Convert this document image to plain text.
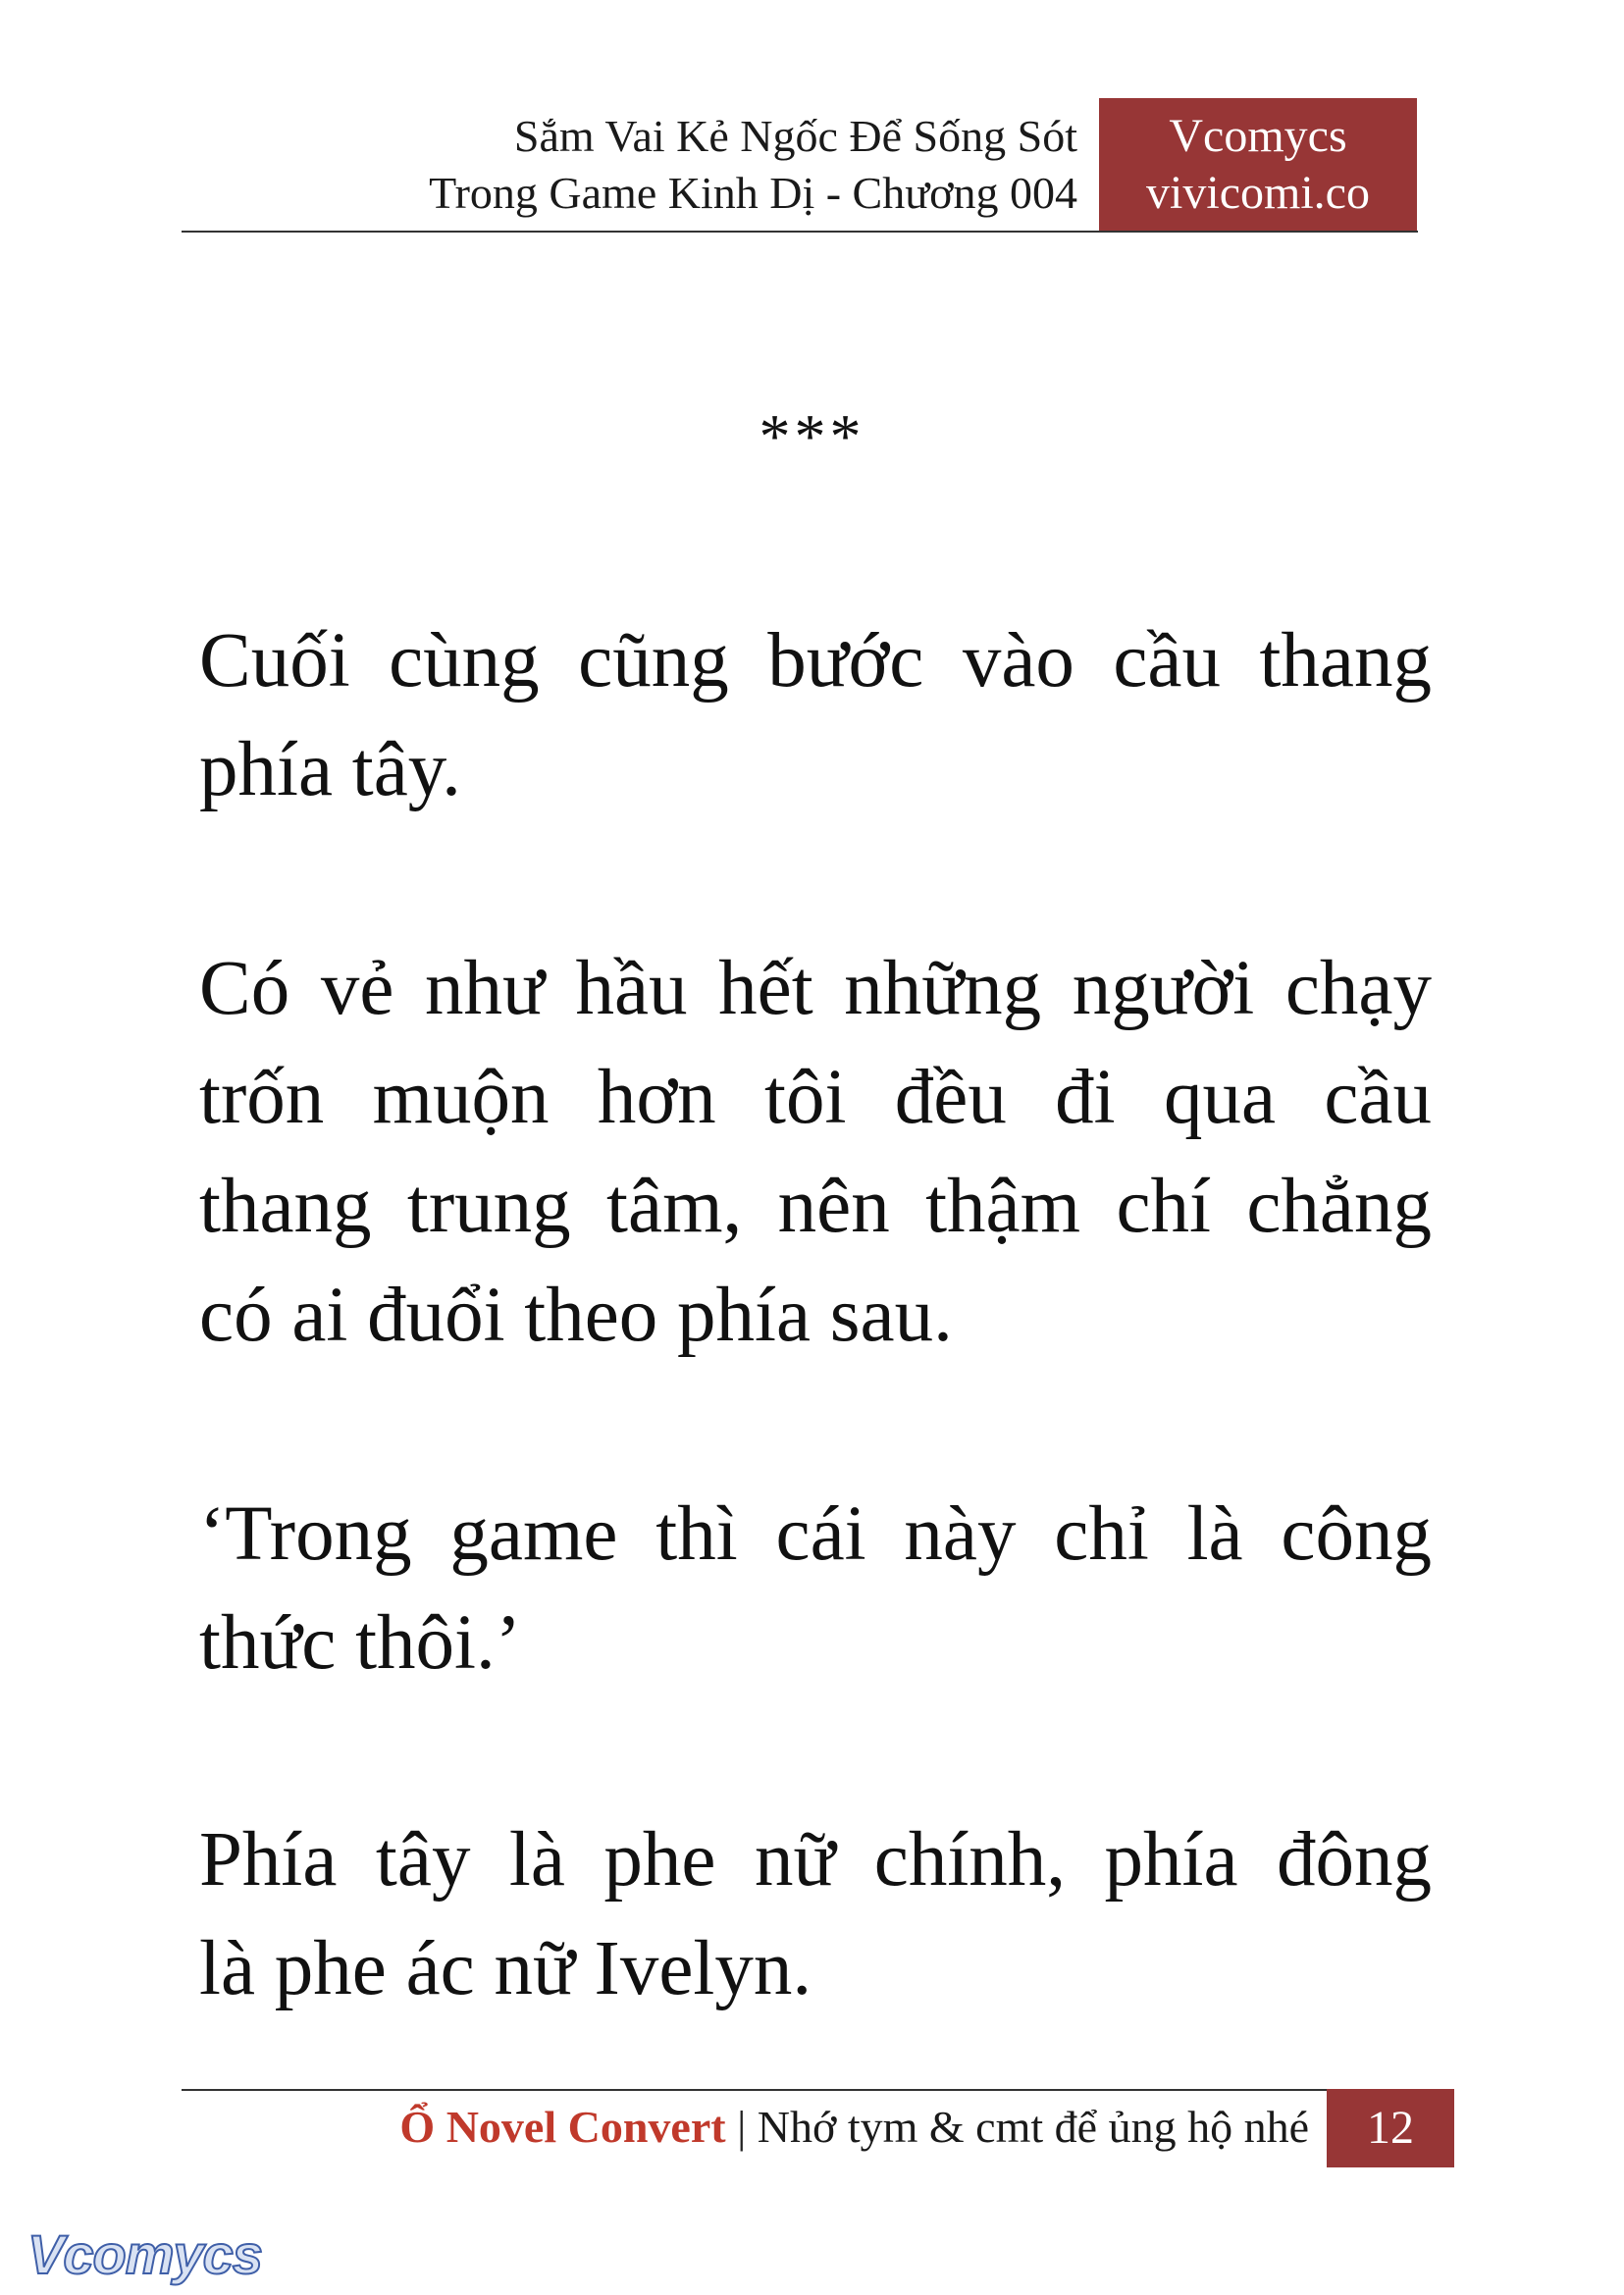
Sắm Vai Kẻ Ngốc Để Sống Sót
Trong Game Kinh Dị - Chương 004
Vcomycs
vivicomi.co
***
Cuối cùng cũng bước vào cầu thang
phía tây.
Có vẻ như hầu hết những người chạy
trốn muộn hơn tôi đều đi qua cầu
thang trung tâm, nên thậm chí chẳng
có ai đuổi theo phía sau.
‘Trong game thì cái này chỉ là công
thức thôi.’
Phía tây là phe nữ chính, phía đông
là phe ác nữ Ivelyn.
Ổ Novel Convert | Nhớ tym & cmt để ủng hộ nhé	12
Vcomycs
